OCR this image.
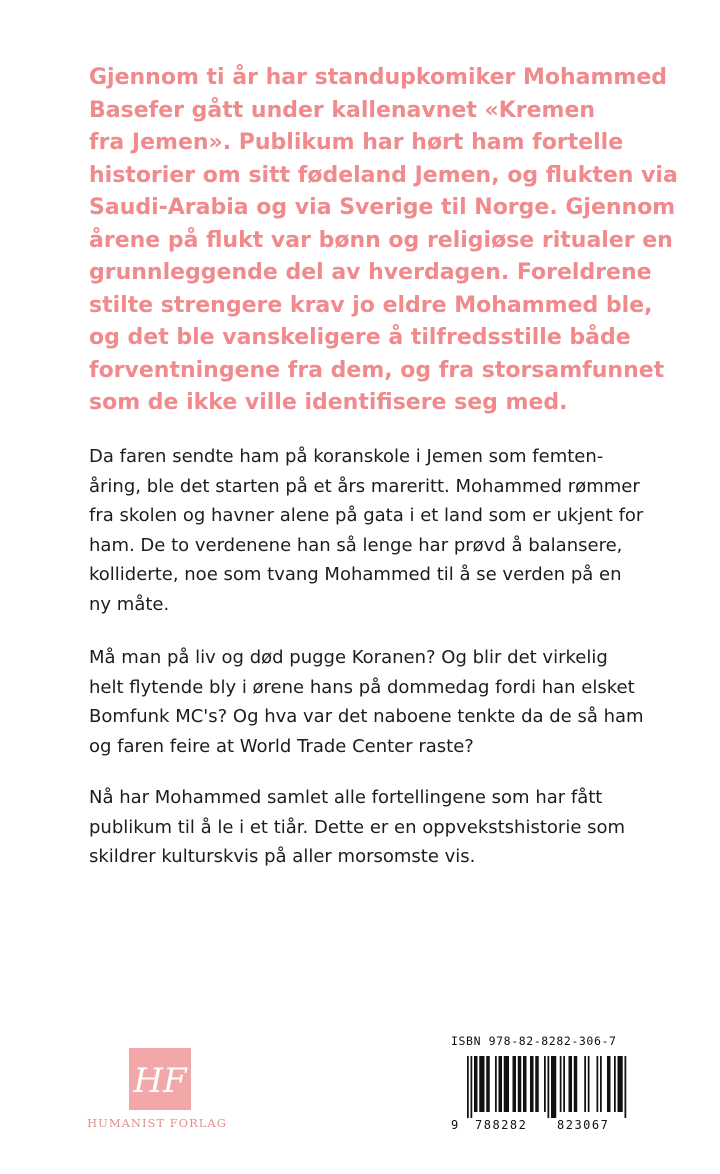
Gjennom ti år har standupkomiker Mohammed
Basefer gått under kallenavnet «Kremen
fra Jemen». Publikum har hørt ham fortelle
historier om sitt fødeland Jemen, og flukten via
Saudi-Arabia og via Sverige til Norge. Gjennom
årene på flukt var bønn og religiøse ritualer en
grunnleggende del av hverdagen. Foreldrene
stilte strengere krav jo eldre Mohammed ble,
og det ble vanskeligere å tilfredsstille både
forventningene fra dem, og fra storsamfunnet
som de ikke ville identifisere seg med.
Da faren sendte ham på koranskole i Jemen som femten-
åring, ble det starten på et års mareritt. Mohammed rømmer
fra skolen og havner alene på gata i et land som er ukjent for
ham. De to verdenene han så lenge har prøvd å balansere,
kolliderte, noe som tvang Mohammed til å se verden på en
ny måte.
Må man på liv og død pugge Koranen? Og blir det virkelig
helt flytende bly i ørene hans på dommedag fordi han elsket
Bomfunk MC's? Og hva var det naboene tenkte da de så ham
og faren feire at World Trade Center raste?
Nå har Mohammed samlet alle fortellingene som har fått
publikum til å le i et tiår. Dette er en oppvekstshistorie som
skildrer kulturskvis på aller morsomste vis.
HF
HUMANIST FORLAG
ISBN 978-82-8282-306-7
9 788282 823067
